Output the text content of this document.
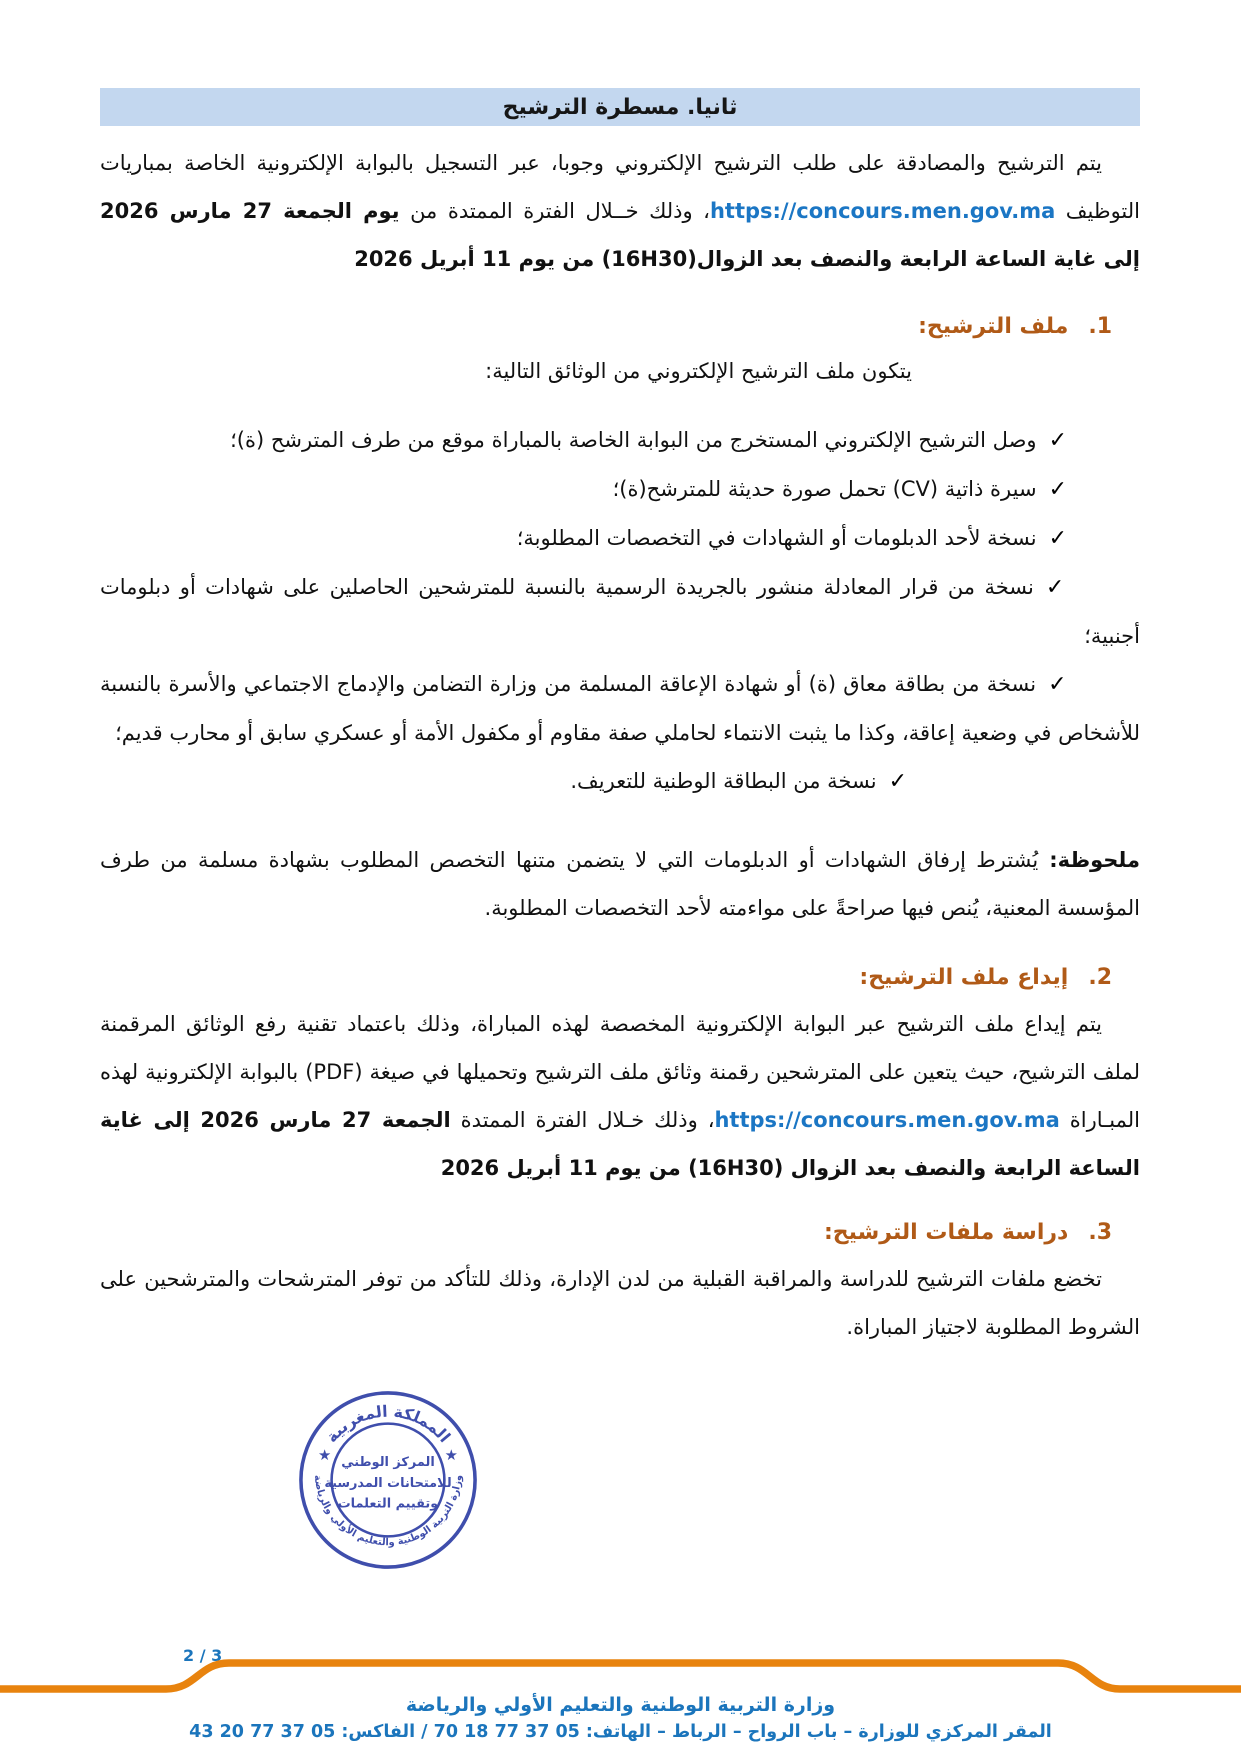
ثانيا. مسطرة الترشيح

يتم الترشيح والمصادقة على طلب الترشيح الإلكتروني وجوبا، عبر التسجيل بالبوابة الإلكترونية الخاصة بمباريات التوظيف https://concours.men.gov.ma، وذلك خــلال الفترة الممتدة من يوم الجمعة 27 مارس 2026 إلى غاية الساعة الرابعة والنصف بعد الزوال(16H30) من يوم 11 أبريل 2026

1.ملف الترشيح:

يتكون ملف الترشيح الإلكتروني من الوثائق التالية:

✓وصل الترشيح الإلكتروني المستخرج من البوابة الخاصة بالمباراة موقع من طرف المترشح (ة)؛
✓سيرة ذاتية (CV) تحمل صورة حديثة للمترشح(ة)؛
✓نسخة لأحد الدبلومات أو الشهادات في التخصصات المطلوبة؛
✓نسخة من قرار المعادلة منشور بالجريدة الرسمية بالنسبة للمترشحين الحاصلين على شهادات أو دبلومات أجنبية؛
✓نسخة من بطاقة معاق (ة) أو شهادة الإعاقة المسلمة من وزارة التضامن والإدماج الاجتماعي والأسرة بالنسبة للأشخاص في وضعية إعاقة، وكذا ما يثبت الانتماء لحاملي صفة مقاوم أو مكفول الأمة أو عسكري سابق أو محارب قديم؛
✓نسخة من البطاقة الوطنية للتعريف.

ملحوظة: يُشترط إرفاق الشهادات أو الدبلومات التي لا يتضمن متنها التخصص المطلوب بشهادة مسلمة من طرف المؤسسة المعنية، يُنص فيها صراحةً على مواءمته لأحد التخصصات المطلوبة.

2.إيداع ملف الترشيح:

يتم إيداع ملف الترشيح عبر البوابة الإلكترونية المخصصة لهذه المباراة، وذلك باعتماد تقنية رفع الوثائق المرقمنة لملف الترشيح، حيث يتعين على المترشحين رقمنة وثائق ملف الترشيح وتحميلها في صيغة (PDF) بالبوابة الإلكترونية لهذه المبـاراة https://concours.men.gov.ma، وذلك خـلال الفترة الممتدة الجمعة 27 مارس 2026 إلى غاية الساعة الرابعة والنصف بعد الزوال (16H30) من يوم 11 أبريل 2026

3.دراسة ملفات الترشيح:

تخضع ملفات الترشيح للدراسة والمراقبة القبلية من لدن الإدارة، وذلك للتأكد من توفر المترشحات والمترشحين على الشروط المطلوبة لاجتياز المباراة.

المملكة المغربية
وزارة التربية الوطنية والتعليم الأولي والرياضة
★	★
المركز الوطني
للامتحانات المدرسية
وتقييم التعلمات
2 / 3
وزارة التربية الوطنية والتعليم الأولي والرياضة
المقر المركزي للوزارة – باب الرواح – الرباط – الهاتف: 05 37 77 18 70 / الفاكس: 05 37 77 20 43
